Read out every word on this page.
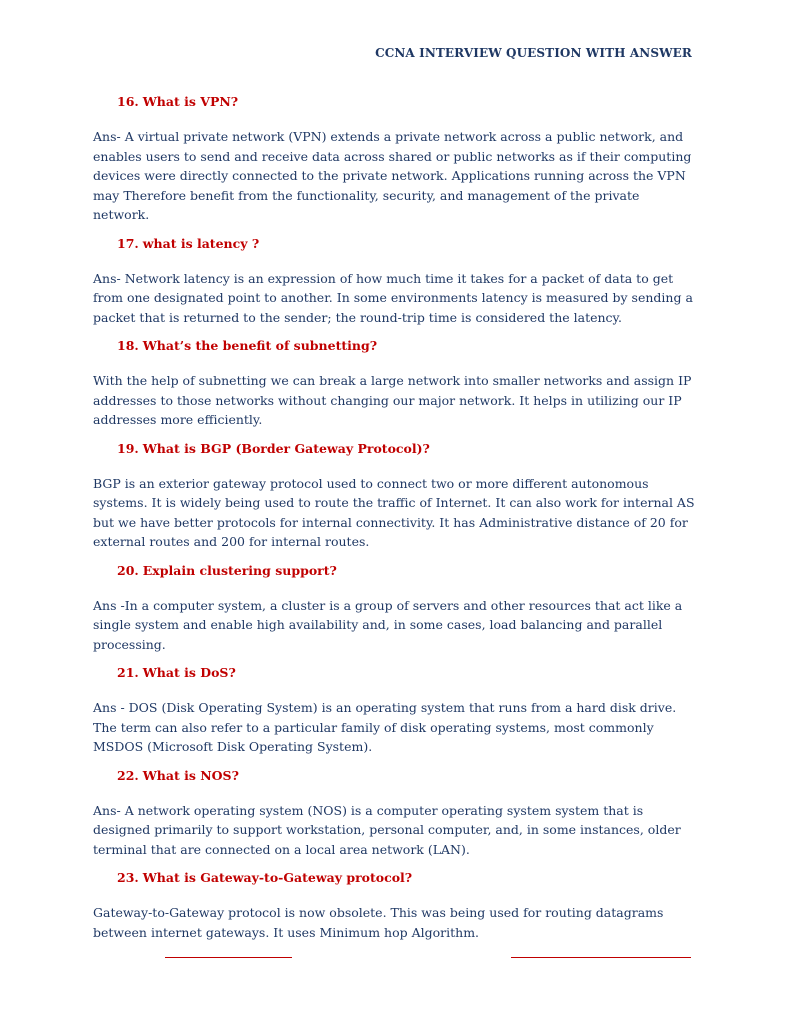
CCNA INTERVIEW QUESTION WITH ANSWER
16. What is VPN?
Ans- A virtual private network (VPN) extends a private network across a public network, and enables users to send and receive data across shared or public networks as if their computing devices were directly connected to the private network. Applications running across the VPN may Therefore benefit from the functionality, security, and management of the private network.
17. what is latency ?
Ans- Network latency is an expression of how much time it takes for a packet of data to get from one designated point to another. In some environments latency is measured by sending a packet that is returned to the sender; the round-trip time is considered the latency.
18. What’s the benefit of subnetting?
With the help of subnetting we can break a large network into smaller networks and assign IP addresses to those networks without changing our major network. It helps in utilizing our IP addresses more efficiently.
19. What is BGP (Border Gateway Protocol)?
BGP is an exterior gateway protocol used to connect two or more different autonomous systems. It is widely being used to route the traffic of Internet. It can also work for internal AS but we have better protocols for internal connectivity. It has Administrative distance of 20 for external routes and 200 for internal routes.
20. Explain clustering support?
Ans -In a computer system, a cluster is a group of servers and other resources that act like a single system and enable high availability and, in some cases, load balancing and parallel processing.
21. What is DoS?
Ans - DOS (Disk Operating System) is an operating system that runs from a hard disk drive. The term can also refer to a particular family of disk operating systems, most commonly MSDOS (Microsoft Disk Operating System).
22. What is NOS?
Ans- A network operating system (NOS) is a computer operating system system that is designed primarily to support workstation, personal computer, and, in some instances, older terminal that are connected on a local area network (LAN).
23. What is Gateway-to-Gateway protocol?
Gateway-to-Gateway protocol is now obsolete. This was being used for routing datagrams between internet gateways. It uses Minimum hop Algorithm.
